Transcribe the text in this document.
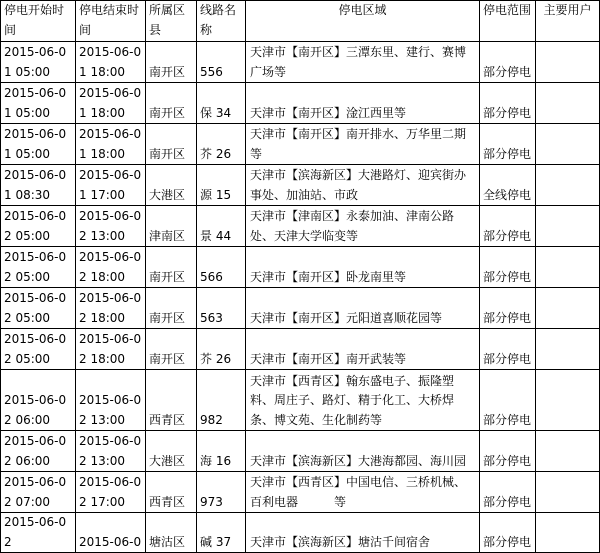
停电开始时间	停电结束时间	所属区县	线路名称	停电区域	停电范围	主要用户
2015-06-01 05:00	2015-06-01 18:00	南开区	556	天津市【南开区】三潭东里、建行、赛博广场等	部分停电	
2015-06-01 05:00	2015-06-01 18:00	南开区	保 34	天津市【南开区】淦江西里等	部分停电	
2015-06-01 05:00	2015-06-01 18:00	南开区	芥 26	天津市【南开区】南开排水、万华里二期等	部分停电	
2015-06-01 08:30	2015-06-01 17:00	大港区	源 15	天津市【滨海新区】大港路灯、迎宾街办事处、加油站、市政	全线停电	
2015-06-02 05:00	2015-06-02 13:00	津南区	景 44	天津市【津南区】永泰加油、津南公路处、天津大学临变等	部分停电	
2015-06-02 05:00	2015-06-02 18:00	南开区	566	天津市【南开区】卧龙南里等	部分停电	
2015-06-02 05:00	2015-06-02 18:00	南开区	563	天津市【南开区】元阳道喜顺花园等	部分停电	
2015-06-02 05:00	2015-06-02 18:00	南开区	芥 26	天津市【南开区】南开武装等	部分停电	
2015-06-02 06:00	2015-06-02 13:00	西青区	982	天津市【西青区】翰东盛电子、振隆塑料、周庄子、路灯、精于化工、大桥焊条、博文苑、生化制药等	部分停电	
2015-06-02 06:00	2015-06-02 13:00	大港区	海 16	天津市【滨海新区】大港海都园、海川园	部分停电	
2015-06-02 07:00	2015-06-02 17:00	西青区	973	天津市【西青区】中国电信、三桥机械、百利电器　　　等	部分停电	
2015-06-02	2015-06-0	塘沽区	碱 37	天津市【滨海新区】塘沽千间宿舍	部分停电	
